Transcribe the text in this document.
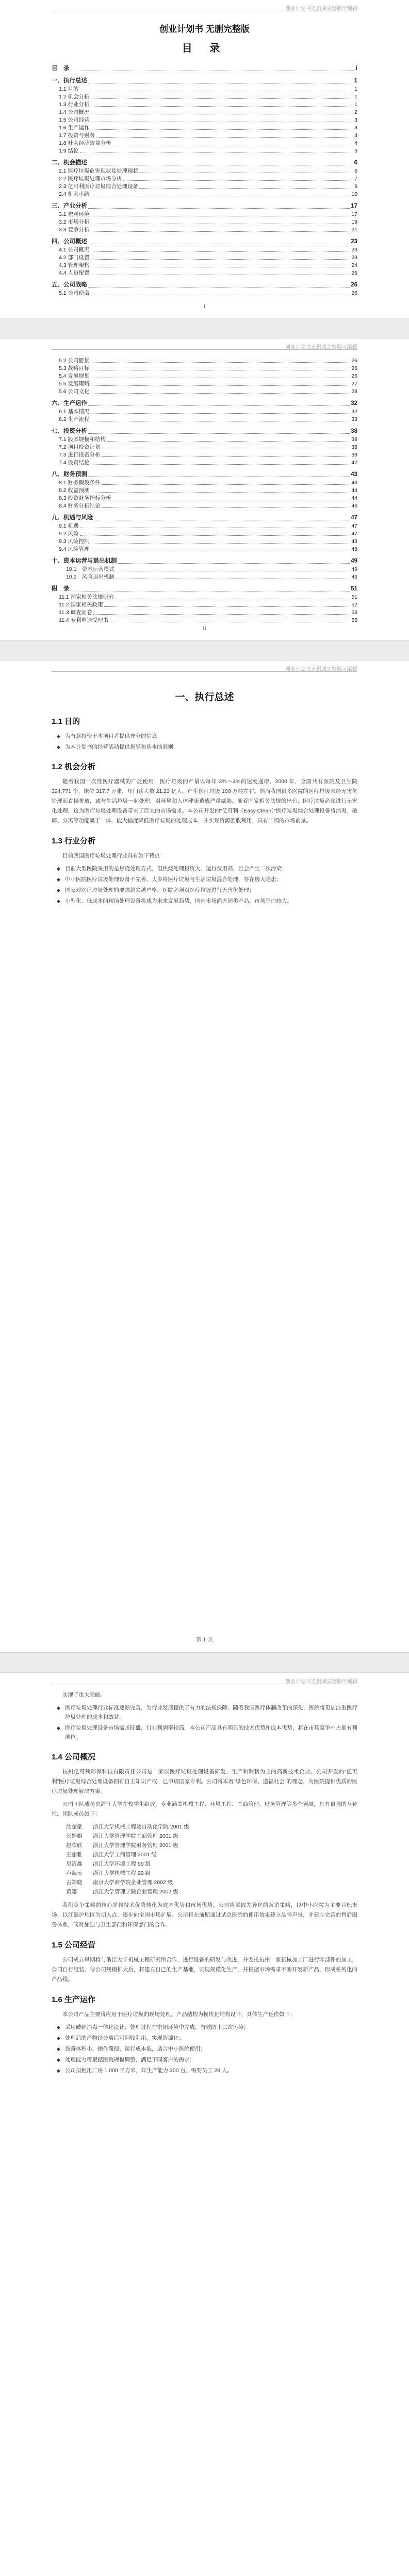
创业计划书无删减完整版可编辑
创业计划书 无删完整版
目 录
目　录	i
一、执行总述	1
1.1 目的	1
1.2 机会分析	1
1.3 行业分析	1
1.4 公司概况	2
1.5 公司经营	3
1.6 生产运作	3
1.7 投资与财务	4
1.8 社会经济效益分析	4
1.9 结论	5
二、机会描述	6
2.1 医疗垃圾危害现状及处理现状	6
2.2 医疗垃圾处理市场分析	7
2.3 亿可利医疗垃圾综合处理设备	9
2.4 机会小结	10
三、产业分析	17
3.1 宏观环境	17
3.2 市场分析	19
3.3 竞争分析	21
四、公司概述	23
4.1 公司概况	23
4.2 部门设置	23
4.3 管理架构	24
4.4 人员配置	25
五、公司战略	26
5.1 公司使命	26
i
创业计划书无删减完整版可编辑
5.2 公司愿景	26
5.3 战略目标	26
5.4 发展规划	26
5.5 发展策略	27
5.6 公司文化	28
六、生产运作	32
6.1 基本情况	32
6.2 生产流程	33
七、投资分析	38
7.1 股本规模和结构	38
7.2 项目投资计划	38
7.3 进行投资分析	39
7.4 投资结论	42
八、财务预测	43
8.1 财务假设条件	43
8.2 收益预测	44
8.3 投资财务指标分析	44
8.4 财务分析结论	46
九、机遇与风险	47
9.1 机遇	47
9.2 风险	47
9.3 风险控制	48
9.4 风险管理	48
十、资本运营与退出机制	49
10.1　资本运营模式	49
10.2　风险退出机制	49
附　录	51
11.1 国家相关法规研究	51
11.2 国家相关政策	52
11.3 调查问卷	53
11.4 专利申请受理书	55
ii
创业计划书无删减完整版可编辑
一、执行总述
1.1 目的
◆ 为有意投资于本项目者提供充分的信息
◆ 为本计划书的经营活动提供指导和基本的准则
1.2 机会分析

随着我国一次性医疗器械的广泛使用，医疗垃圾的产量以每年 3%～4%的速度递增，2000 年，全国共有医院及卫生院 324,771 个，床位 317.7 万张，年门诊人数 21.23 亿人，产生医疗垃圾 100 万吨左右。然而我国很多医院的医疗垃圾未经无害化处理而直接排放，或与生活垃圾一起处理，对环境和人体健康造成严重威胁。随着国家相关法规的出台，医疗垃圾必须进行无害化处理，这为医疗垃圾处理设备带来了巨大的市场需求。本公司开发的“亿可利（Easy Clean）”医疗垃圾综合处理设备将消毒、破碎、分离等功能集于一体，能大幅度降低医疗垃圾的处理成本，并实现资源回收利用，具有广阔的市场前景。

1.3 行业分析

目前我国医疗垃圾处理行业具有如下特点：

◆ 目前大型医院采用的是焦烧处理方式，但焦烧处理投资大、运行费用高，且会产生二次污染；
◆ 中小医院医疗垃圾处理设备不完善，大多将医疗垃圾与生活垃圾混合处理，存在极大隐患；
◆ 国家对医疗垃圾处理的要求越来越严格，医院必须对医疗垃圾进行无害化处理；
◆ 小型化、低成本的现场处理设备将成为未来发展趋势，国内市场尚无同类产品，市场空白较大。
第 1 页
创业计划书无删减完整版可编辑

实现了重大突破。

◆ 医疗垃圾处理行业标准逐渐完善，为行业发展提供了有力的法规保障。随着我国医疗体制改革的深化，医院将更加注重医疗垃圾处理的成本和效益。
◆ 医疗垃圾处理设备市场需求旺盛，行业利润率较高，本公司产品具有明显的技术优势和成本优势，将在市场竞争中占据有利地位。
1.4 公司概况

杭州亿可利环保科技有限责任公司是一家以医疗垃圾处理设备研发、生产和销售为主的高新技术企业。公司开发的“亿可利”医疗垃圾综合处理设备拥有自主知识产权，已申请国家专利。公司将本着“绿色环保、造福社会”的理念，为医院提供优质的医疗垃圾处理解决方案。

公司团队成员由浙江大学在校学生组成，专业涵盖机械工程、环境工程、工商管理、财务管理等多个领域，具有很强的互补性。团队成员如下：

沈超豪	浙江大学机械工程及自动化学院 2001 级
张娟娟	浙江大学管理学院工商管理 2001 级
赵欣欣	浙江大学管理学院财务管理 2001 级
王丽雅	浙江大学工商管理 2001 级
吴清鑫	浙江大学环境工程 99 级
卢海云	浙江大学机械工程 99 级
古郑晓	南京大学商学院企业管理 2002 级
黄娜	浙江大学管理学院企业管理 2002 级

我们竞争策略的核心是将技术优势转化为成本优势和市场优势。公司将采取差异化的营销策略，以中小医院为主要目标市场，以江浙沪地区为切入点，逐步向全国市场扩展。公司将在前期通过试点医院的使用效果建立品牌声誉，并建立完善的售后服务体系，同时加强与卫生部门和环保部门的合作。

1.5 公司经营

公司成立早期将与浙江大学机械工程研究所合作，进行设备的研发与改进，并委托杭州一家机械加工厂进行零部件的加工，公司自行组装。待公司规模扩大后，将建立自己的生产基地，实现规模化生产，并根据市场需求不断开发新产品，形成系列化的产品线。

1.6 生产运作

本公司产品主要将应用于医疗垃圾的现场处理，产品结构为模块化结构设计，具体生产运作如下：

◆ 采用破碎消毒一体化设计，处理过程在密闭环境中完成，有效防止二次污染；
◆ 处理后的产物经分离后可回收利用，实现资源化；
◆ 设备体积小、操作简便、运行成本低，适合中小医院使用；
◆ 处理能力可根据医院规模调整，满足不同客户的需求；
◆ 公司拟租用厂房 1,000 平方米，年生产能力 300 台，需要员工 28 人。
